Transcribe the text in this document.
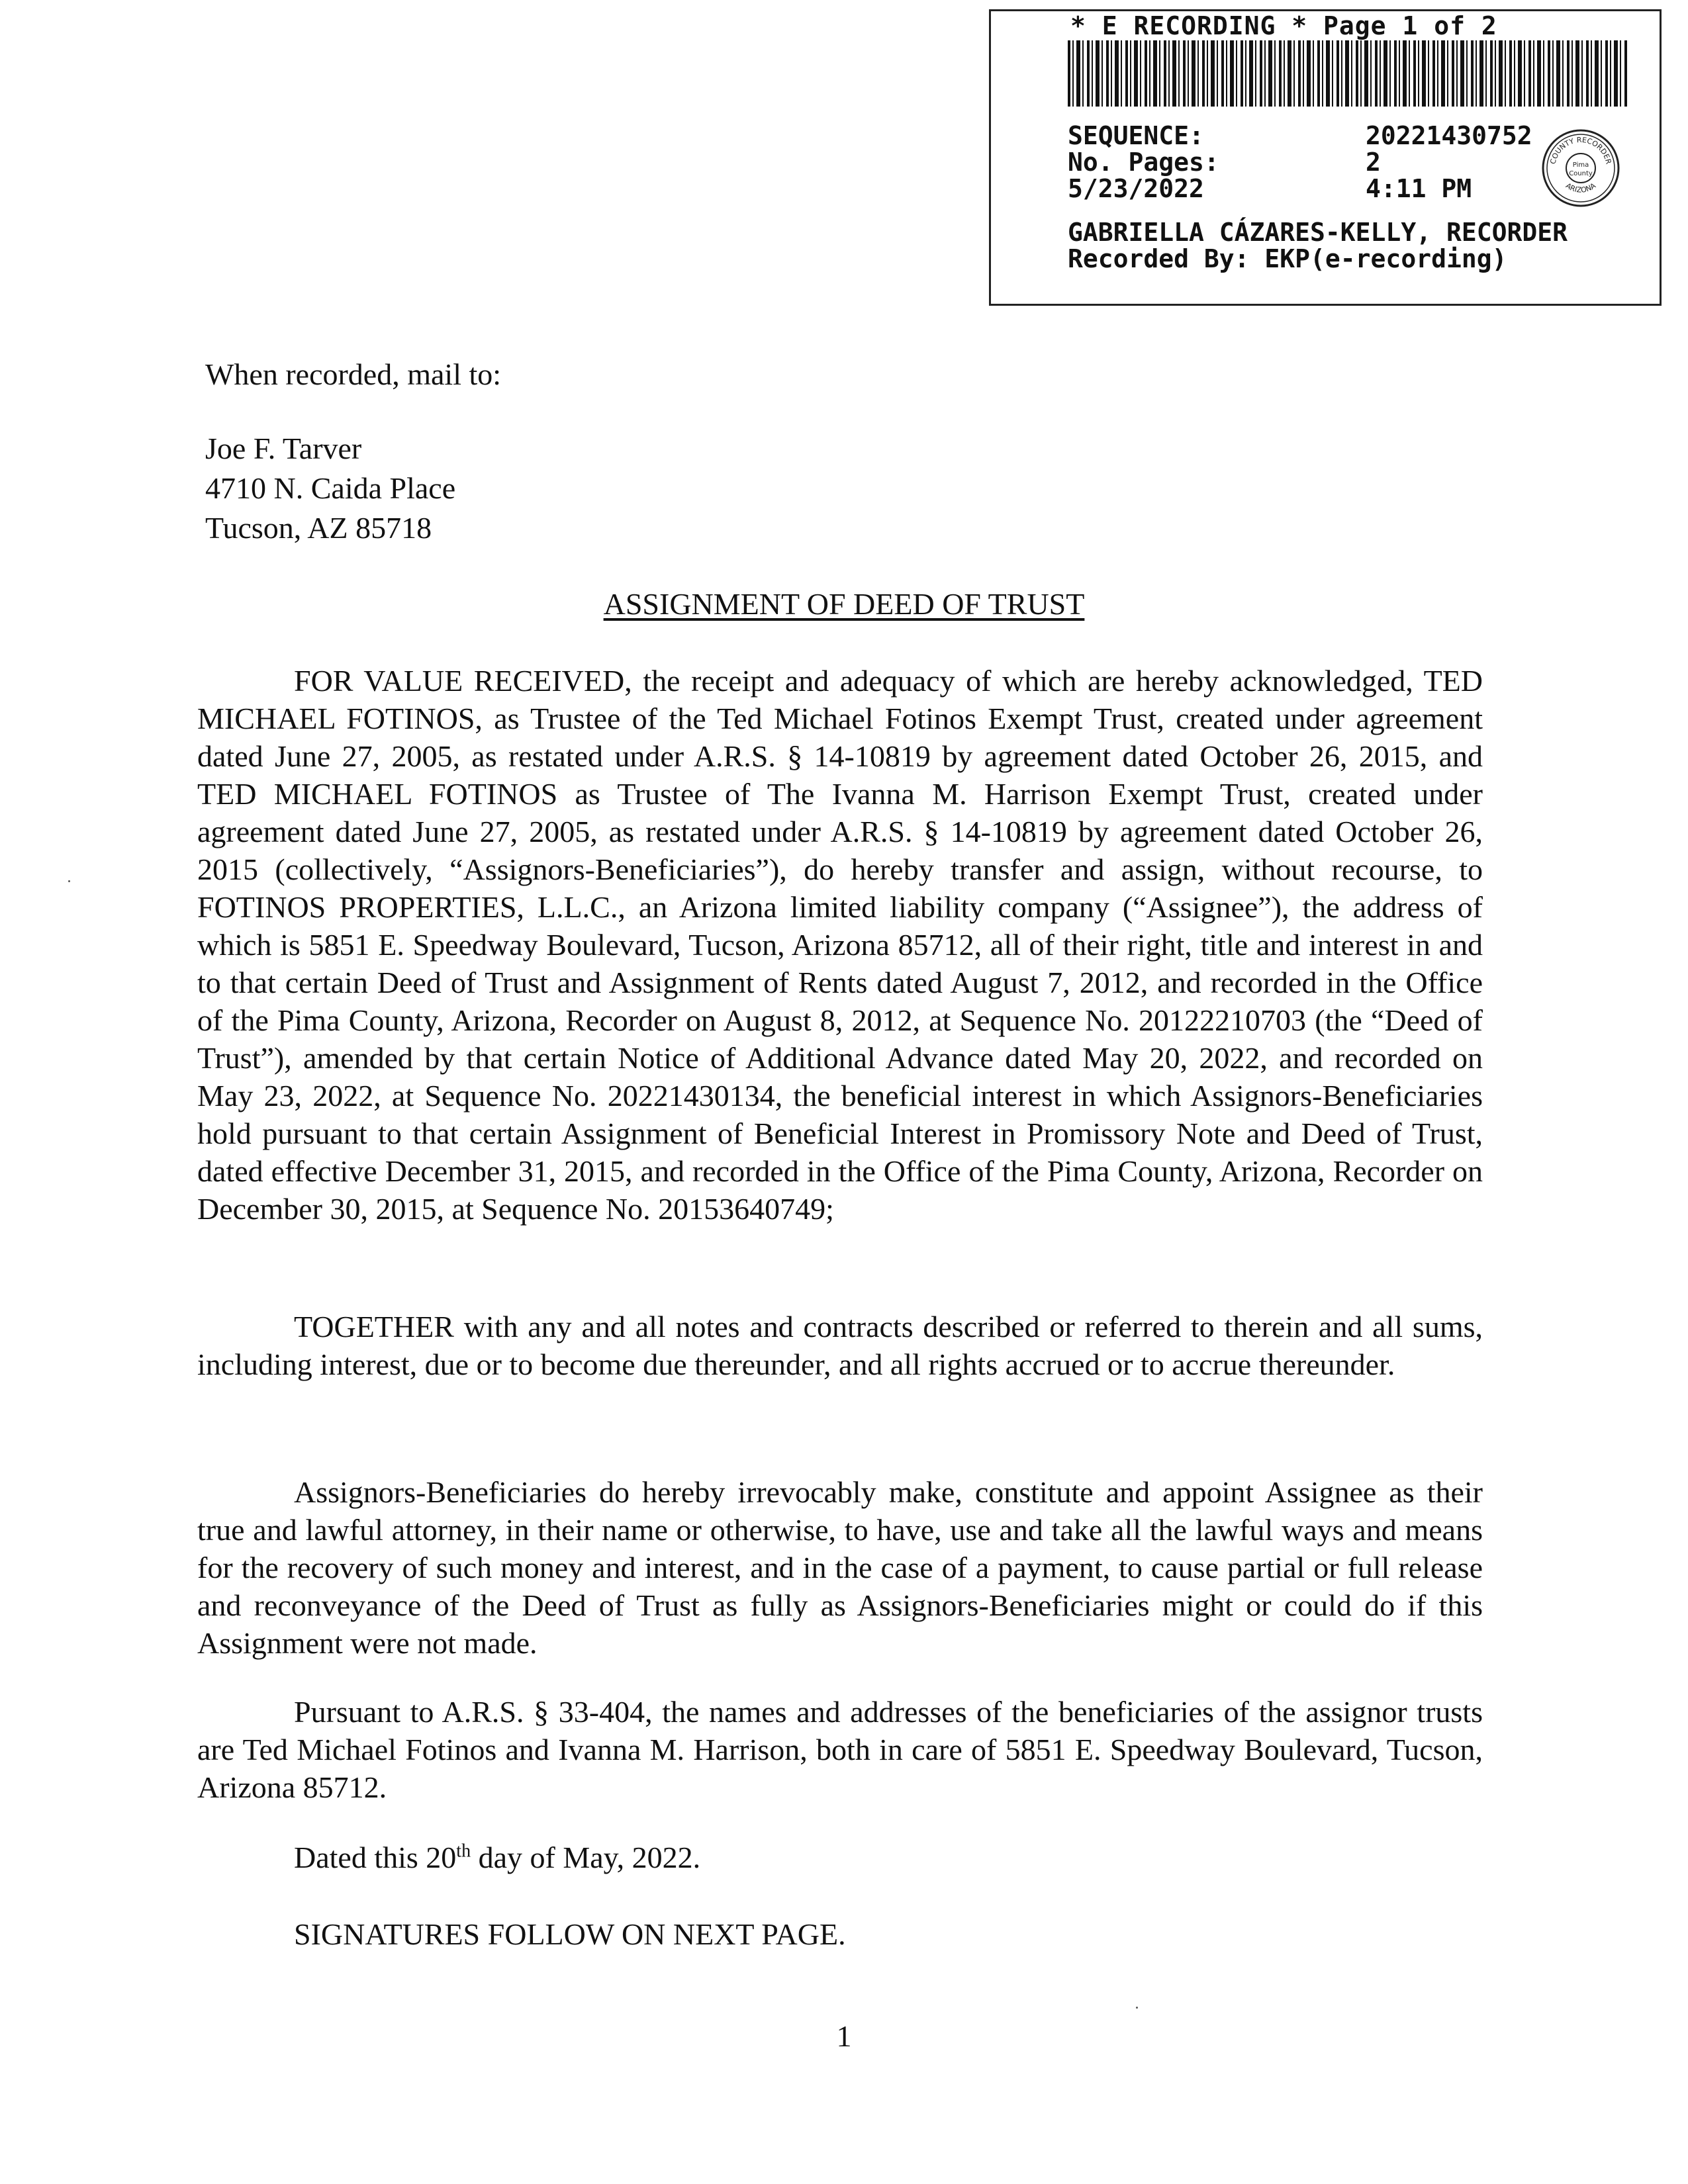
* E RECORDING * Page 1 of 2
SEQUENCE:	20221430752
No. Pages:	2
5/23/2022	4:11 PM
COUNTY RECORDER
ARIZONA
Pima
County
GABRIELLA CÁZARES-KELLY, RECORDER
Recorded By: EKP(e-recording)
When recorded, mail to:
Joe F. Tarver
4710 N. Caida Place
Tucson, AZ 85718
ASSIGNMENT OF DEED OF TRUST
FOR VALUE RECEIVED, the receipt and adequacy of which are hereby acknowledged, TED MICHAEL FOTINOS, as Trustee of the Ted Michael Fotinos Exempt Trust, created under agreement dated June 27, 2005, as restated under A.R.S. § 14-10819 by agreement dated October 26, 2015, and TED MICHAEL FOTINOS as Trustee of The Ivanna M. Harrison Exempt Trust, created under agreement dated June 27, 2005, as restated under A.R.S. § 14-10819 by agreement dated October 26, 2015 (collectively, “Assignors-Beneficiaries”), do hereby transfer and assign, without recourse, to FOTINOS PROPERTIES, L.L.C., an Arizona limited liability company (“Assignee”), the address of which is 5851 E. Speedway Boulevard, Tucson, Arizona 85712, all of their right, title and interest in and to that certain Deed of Trust and Assignment of Rents dated August 7, 2012, and recorded in the Office of the Pima County, Arizona, Recorder on August 8, 2012, at Sequence No. 20122210703 (the “Deed of Trust”), amended by that certain Notice of Additional Advance dated May 20, 2022, and recorded on May 23, 2022, at Sequence No. 20221430134, the beneficial interest in which Assignors-Beneficiaries hold pursuant to that certain Assignment of Beneficial Interest in Promissory Note and Deed of Trust, dated effective December 31, 2015, and recorded in the Office of the Pima County, Arizona, Recorder on December 30, 2015, at Sequence No. 20153640749;
TOGETHER with any and all notes and contracts described or referred to therein and all sums, including interest, due or to become due thereunder, and all rights accrued or to accrue thereunder.
Assignors-Beneficiaries do hereby irrevocably make, constitute and appoint Assignee as their true and lawful attorney, in their name or otherwise, to have, use and take all the lawful ways and means for the recovery of such money and interest, and in the case of a payment, to cause partial or full release and reconveyance of the Deed of Trust as fully as Assignors-Beneficiaries might or could do if this Assignment were not made.
Pursuant to A.R.S. § 33-404, the names and addresses of the beneficiaries of the assignor trusts are Ted Michael Fotinos and Ivanna M. Harrison, both in care of 5851 E. Speedway Boulevard, Tucson, Arizona 85712.
Dated this 20th day of May, 2022.
SIGNATURES FOLLOW ON NEXT PAGE.
1
